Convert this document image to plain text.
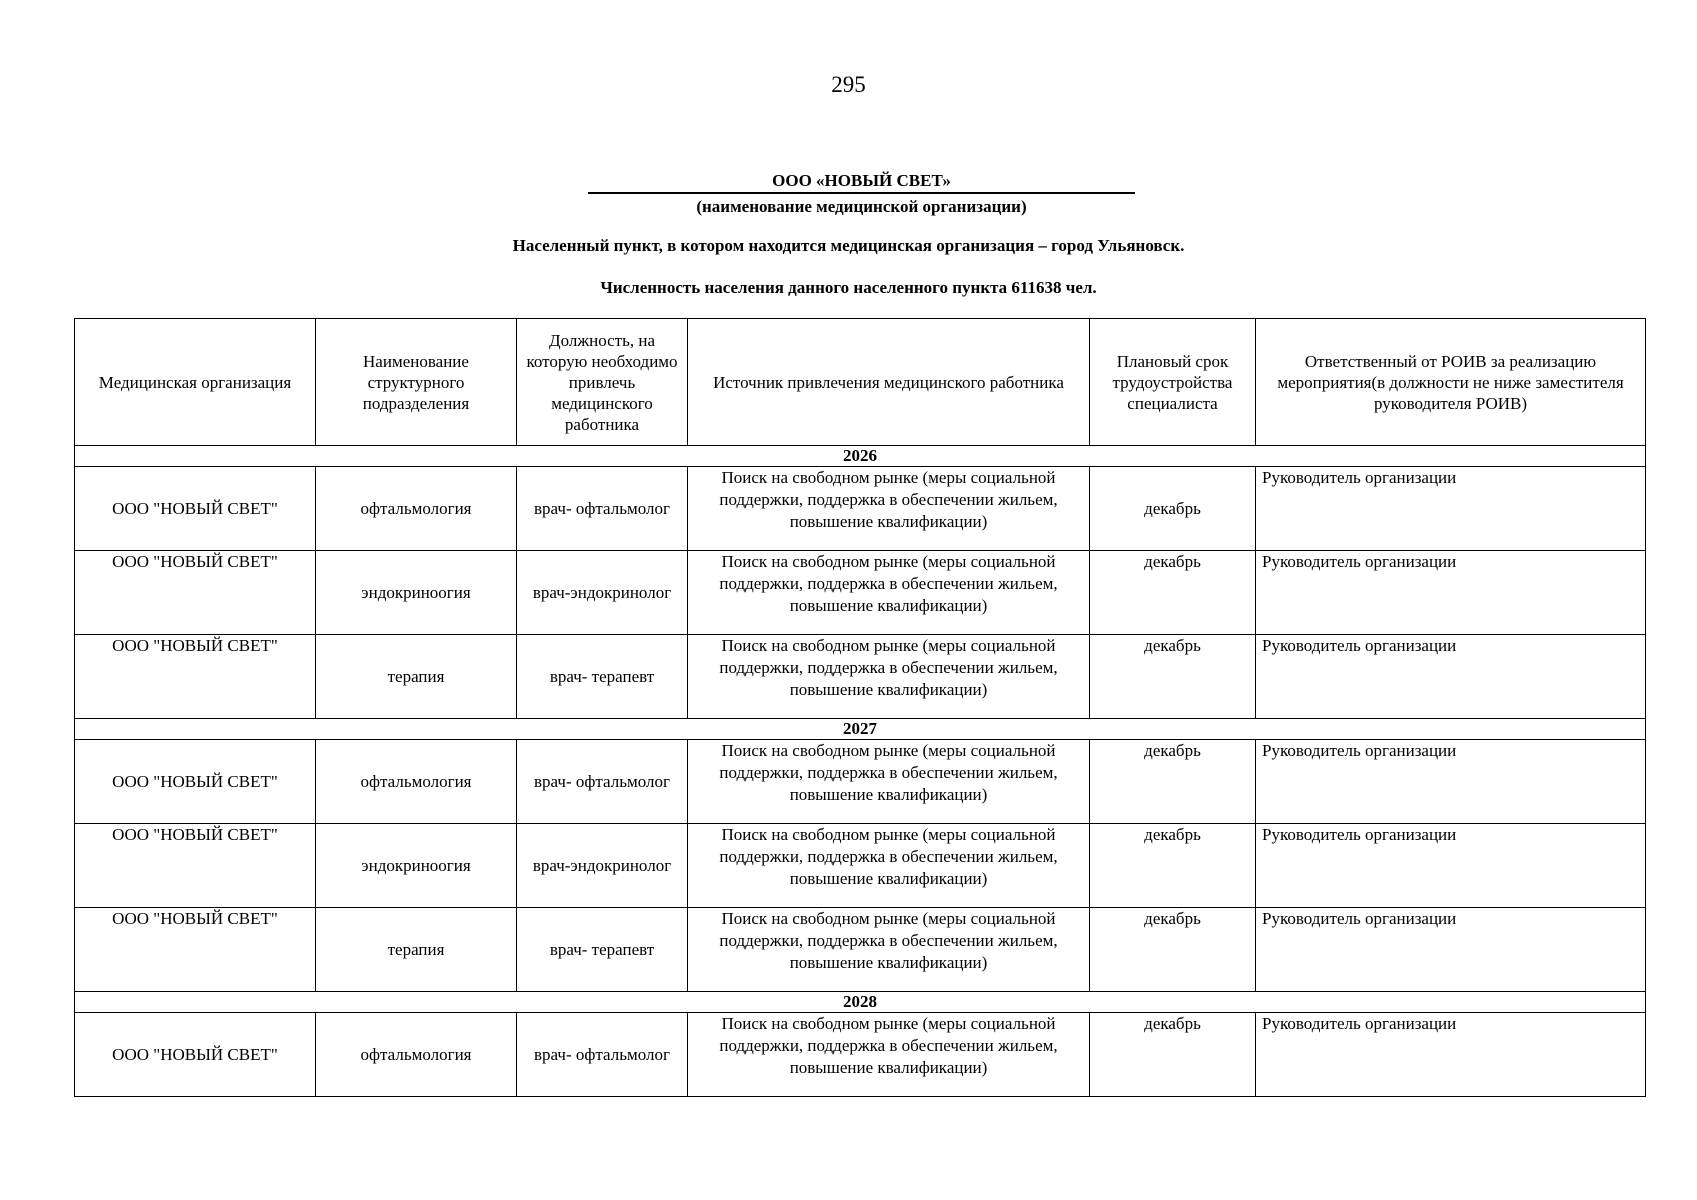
295
ООО «НОВЫЙ СВЕТ»
(наименование медицинской организации)
Населенный пункт, в котором находится медицинская организация – город Ульяновск.
Численность населения данного населенного пункта 611638 чел.
Медицинская организация	Наименование структурного подразделения	Должность, на которую необходимо привлечь медицинского работника	Источник привлечения медицинского работника	Плановый срок трудоустройства специалиста	Ответственный от РОИВ за реализацию мероприятия(в должности не ниже заместителя руководителя РОИВ)
2026					
ООО "НОВЫЙ СВЕТ"	офтальмология	врач- офтальмолог	Поиск на свободном рынке (меры социальной поддержки, поддержка в обеспечении жильем, повышение квалификации)	декабрь	Руководитель организации
ООО "НОВЫЙ СВЕТ"	эндокриноогия	врач-эндокринолог	Поиск на свободном рынке (меры социальной поддержки, поддержка в обеспечении жильем, повышение квалификации)	декабрь	Руководитель организации
ООО "НОВЫЙ СВЕТ"	терапия	врач- терапевт	Поиск на свободном рынке (меры социальной поддержки, поддержка в обеспечении жильем, повышение квалификации)	декабрь	Руководитель организации
2027					
ООО "НОВЫЙ СВЕТ"	офтальмология	врач- офтальмолог	Поиск на свободном рынке (меры социальной поддержки, поддержка в обеспечении жильем, повышение квалификации)	декабрь	Руководитель организации
ООО "НОВЫЙ СВЕТ"	эндокриноогия	врач-эндокринолог	Поиск на свободном рынке (меры социальной поддержки, поддержка в обеспечении жильем, повышение квалификации)	декабрь	Руководитель организации
ООО "НОВЫЙ СВЕТ"	терапия	врач- терапевт	Поиск на свободном рынке (меры социальной поддержки, поддержка в обеспечении жильем, повышение квалификации)	декабрь	Руководитель организации
2028					
ООО "НОВЫЙ СВЕТ"	офтальмология	врач- офтальмолог	Поиск на свободном рынке (меры социальной поддержки, поддержка в обеспечении жильем, повышение квалификации)	декабрь	Руководитель организации
